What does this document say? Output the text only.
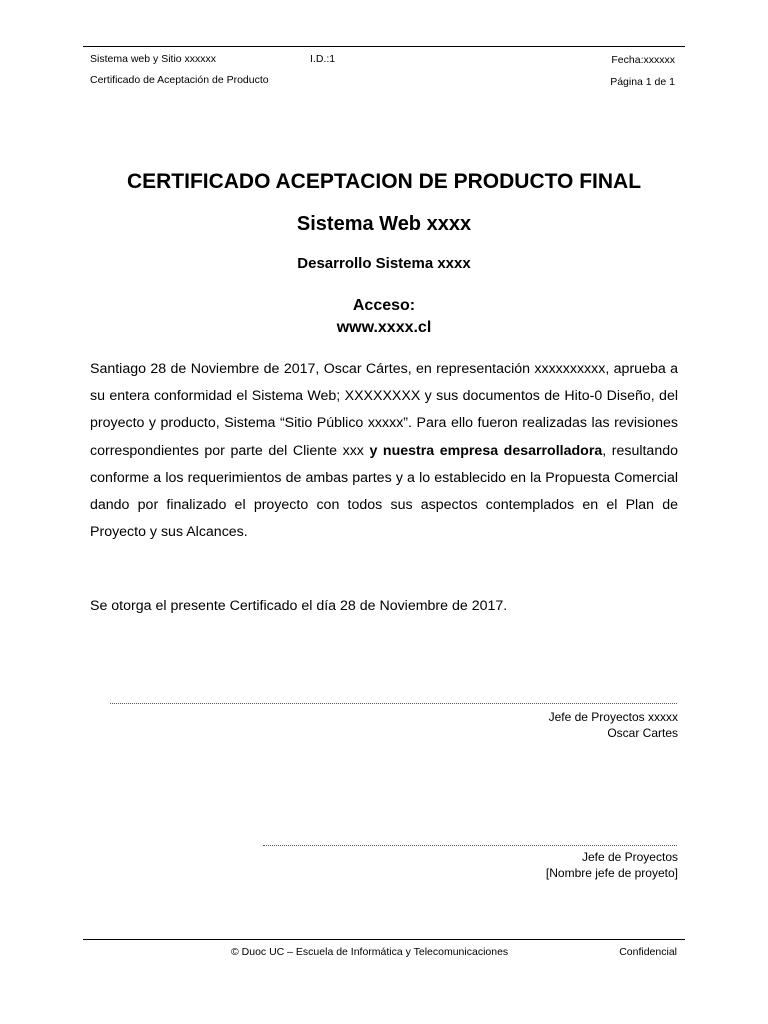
Sistema web y Sitio xxxxxx	I.D.:1	Fecha:xxxxxx
Certificado de Aceptación de Producto	Página 1 de 1
CERTIFICADO ACEPTACION DE PRODUCTO FINAL
Sistema Web xxxx
Desarrollo Sistema xxxx
Acceso:
www.xxxx.cl
Santiago 28 de Noviembre de 2017, Oscar Cártes, en representación xxxxxxxxxx, aprueba a su entera conformidad el Sistema Web; XXXXXXXX y sus documentos de Hito-0 Diseño, del proyecto y producto, Sistema “Sitio Público xxxxx”. Para ello fueron realizadas las revisiones correspondientes por parte del Cliente xxx y nuestra empresa desarrolladora, resultando conforme a los requerimientos de ambas partes y a lo establecido en la Propuesta Comercial dando por finalizado el proyecto con todos sus aspectos contemplados en el Plan de Proyecto y sus Alcances.
Se otorga el presente Certificado el día 28 de Noviembre de 2017.
Jefe de Proyectos xxxxx
Oscar Cartes
Jefe de Proyectos
[Nombre jefe de proyeto]
© Duoc UC – Escuela de Informática y Telecomunicaciones	Confidencial
